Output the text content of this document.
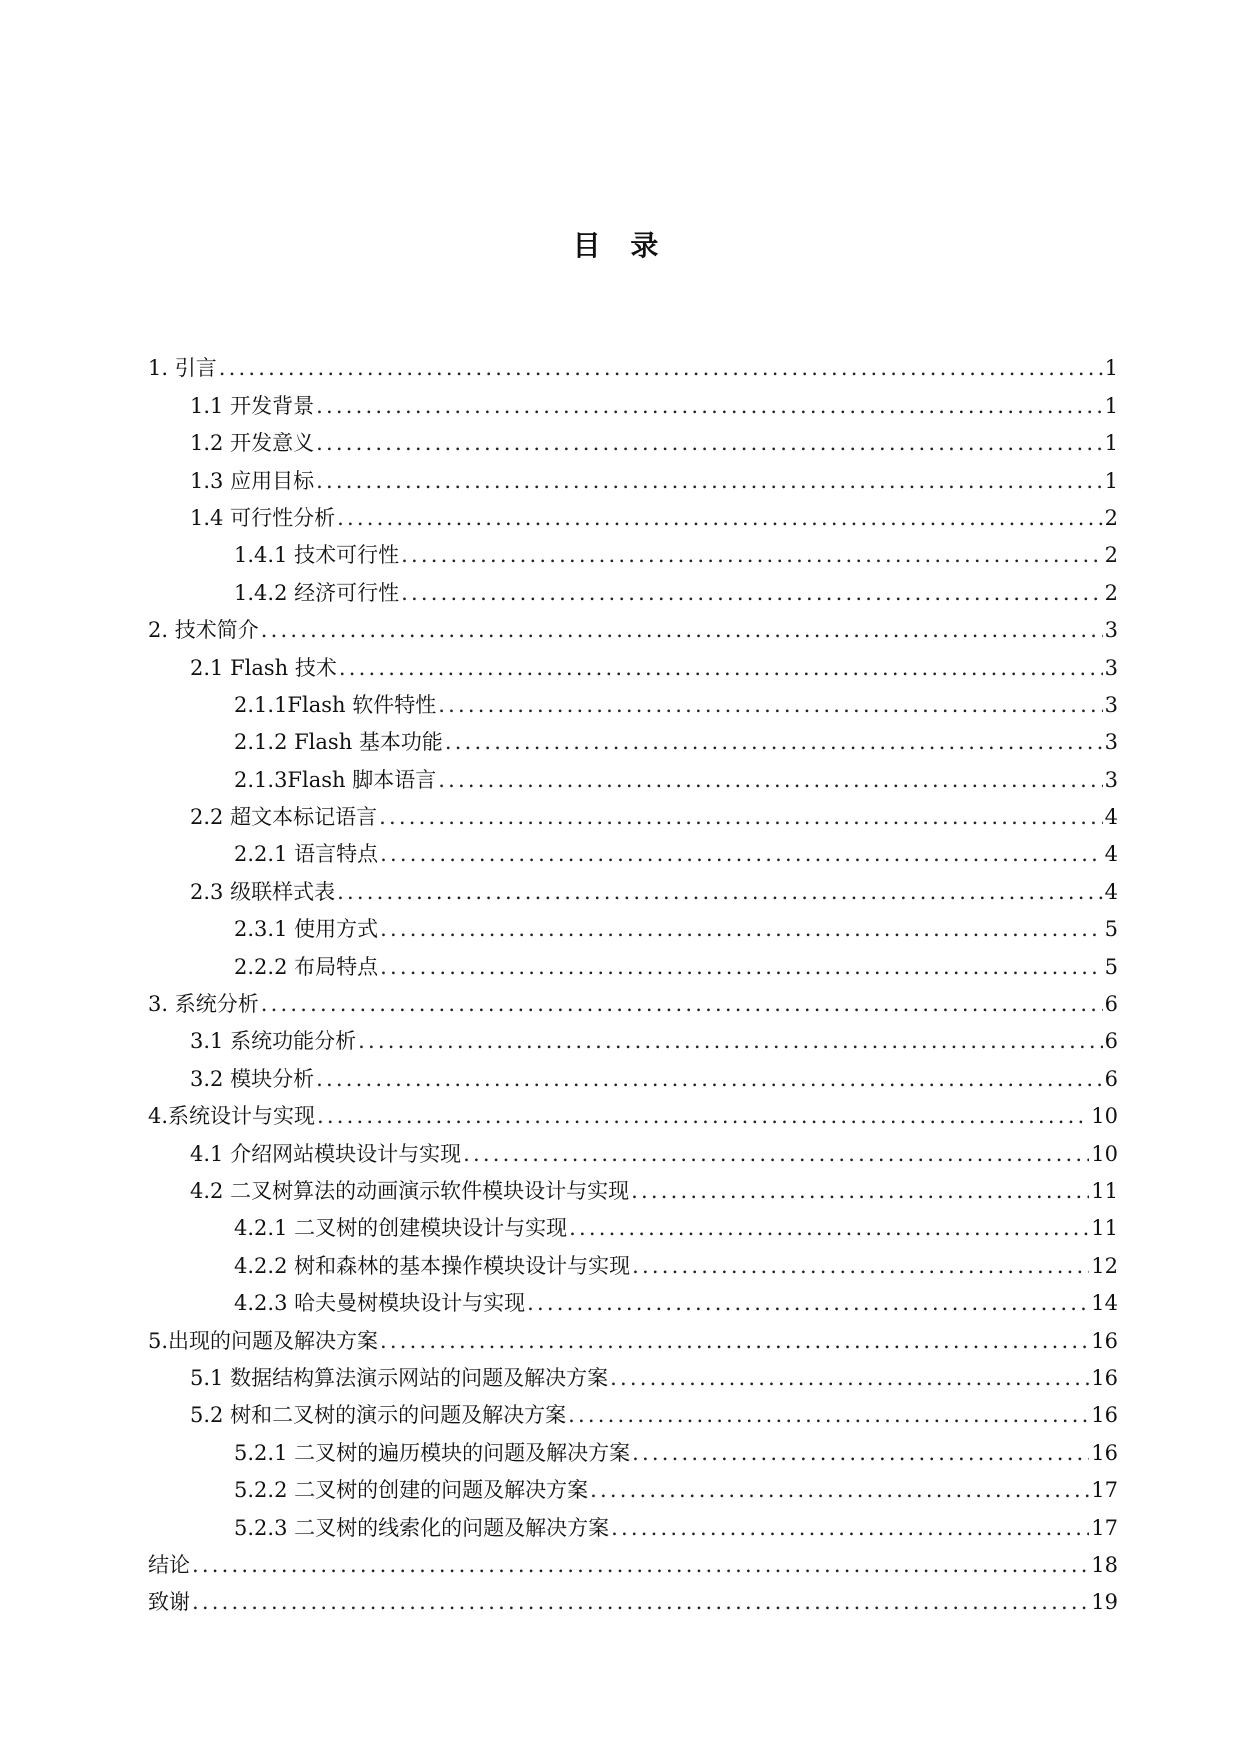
目 录
1. 引言 .....	1
1.1 开发背景 .....	1
1.2 开发意义 .....	1
1.3 应用目标 .....	1
1.4 可行性分析 .....	2
1.4.1 技术可行性 .....	2
1.4.2 经济可行性 .....	2
2. 技术简介 .....	3
2.1 Flash 技术 .....	3
2.1.1Flash 软件特性 .....	3
2.1.2 Flash 基本功能 .....	3
2.1.3Flash 脚本语言 .....	3
2.2 超文本标记语言 .....	4
2.2.1 语言特点 .....	4
2.3 级联样式表 .....	4
2.3.1 使用方式 .....	5
2.2.2 布局特点 .....	5
3. 系统分析 .....	6
3.1 系统功能分析 .....	6
3.2 模块分析 .....	6
4.系统设计与实现 .....	10
4.1 介绍网站模块设计与实现 .....	10
4.2 二叉树算法的动画演示软件模块设计与实现 .....	11
4.2.1 二叉树的创建模块设计与实现 .....	11
4.2.2 树和森林的基本操作模块设计与实现 .....	12
4.2.3 哈夫曼树模块设计与实现 .....	14
5.出现的问题及解决方案 .....	16
5.1 数据结构算法演示网站的问题及解决方案 .....	16
5.2 树和二叉树的演示的问题及解决方案 .....	16
5.2.1 二叉树的遍历模块的问题及解决方案 .....	16
5.2.2 二叉树的创建的问题及解决方案 .....	17
5.2.3 二叉树的线索化的问题及解决方案 .....	17
结论 .....	18
致谢 .....	19
